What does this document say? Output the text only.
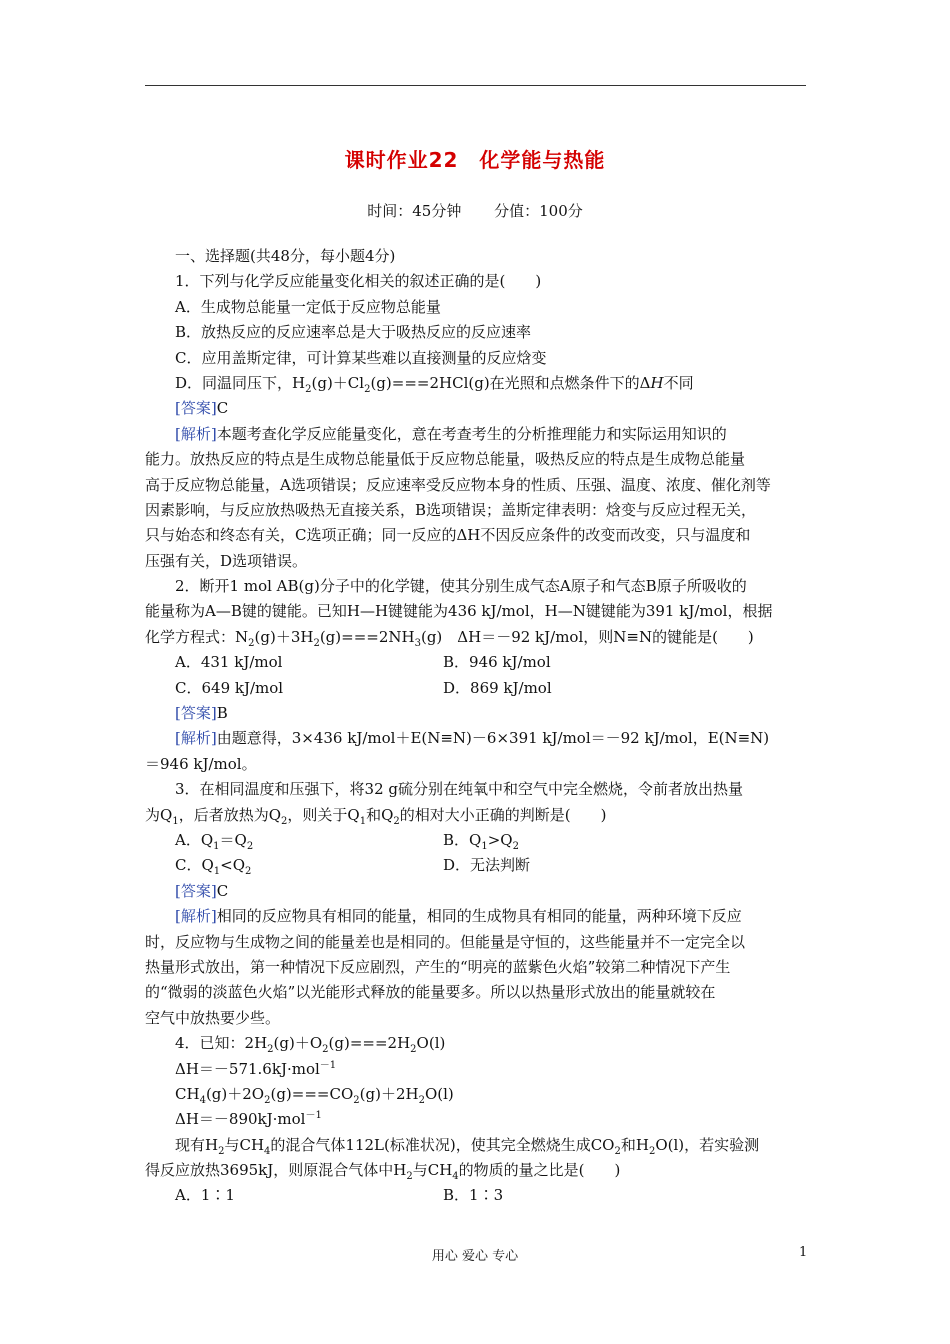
课时作业22　化学能与热能
时间：45分钟 分值：100分
一、选择题(共48分，每小题4分)
1．下列与化学反应能量变化相关的叙述正确的是(　　)
A．生成物总能量一定低于反应物总能量
B．放热反应的反应速率总是大于吸热反应的反应速率
C．应用盖斯定律，可计算某些难以直接测量的反应焓变
D．同温同压下，$H_2(g)+Cl_2(g)===2HCl(g)$在光照和点燃条件下的ΔH不同
[答案]C
[解析]本题考查化学反应能量变化，意在考查考生的分析推理能力和实际运用知识的
能力。放热反应的特点是生成物总能量低于反应物总能量，吸热反应的特点是生成物总能量
高于反应物总能量，A选项错误；反应速率受反应物本身的性质、压强、温度、浓度、催化剂等
因素影响，与反应放热吸热无直接关系，B选项错误；盖斯定律表明：焓变与反应过程无关，
只与始态和终态有关，C选项正确；同一反应的ΔH不因反应条件的改变而改变，只与温度和
压强有关，D选项错误。
2．断开1 mol AB(g)分子中的化学键，使其分别生成气态A原子和气态B原子所吸收的
能量称为A—B键的键能。已知H—H键键能为436 kJ/mol，H—N键键能为391 kJ/mol，根据
化学方程式：$N_2(g)+3H_2(g)===2NH_3(g)$　ΔH＝－92 kJ/mol，则N≡N的键能是(　　)
A．431 kJ/mol	B．946 kJ/mol
C．649 kJ/mol	D．869 kJ/mol
[答案]B
[解析]由题意得，3×436 kJ/mol＋E(N≡N)－6×391 kJ/mol＝－92 kJ/mol，E(N≡N)
＝946 kJ/mol。
3．在相同温度和压强下，将32 g硫分别在纯氧中和空气中完全燃烧，令前者放出热量
为$Q_1$，后者放热为$Q_2$，则关于$Q_1$和$Q_2$的相对大小正确的判断是(　　)
A．$Q_1=Q_2$	B．$Q_1>Q_2$
C．$Q_1<Q_2$	D．无法判断
[答案]C
[解析]相同的反应物具有相同的能量，相同的生成物具有相同的能量，两种环境下反应
时，反应物与生成物之间的能量差也是相同的。但能量是守恒的，这些能量并不一定完全以
热量形式放出，第一种情况下反应剧烈，产生的“明亮的蓝紫色火焰”较第二种情况下产生
的“微弱的淡蓝色火焰”以光能形式释放的能量要多。所以以热量形式放出的能量就较在
空气中放热要少些。
4．已知：$2H_2(g)+O_2(g)===2H_2O(l)$
ΔH＝－571.6kJ·mol$^{-1}$
$CH_4(g)+2O_2(g)===CO_2(g)+2H_2O(l)$
ΔH＝－890kJ·mol$^{-1}$
现有$H_2$与$CH_4$的混合气体112L(标准状况)，使其完全燃烧生成$CO_2$和$H_2O(l)$，若实验测
得反应放热3695kJ，则原混合气体中$H_2$与$CH_4$的物质的量之比是(　　)
A．1∶1	B．1∶3
用心 爱心 专心	1
